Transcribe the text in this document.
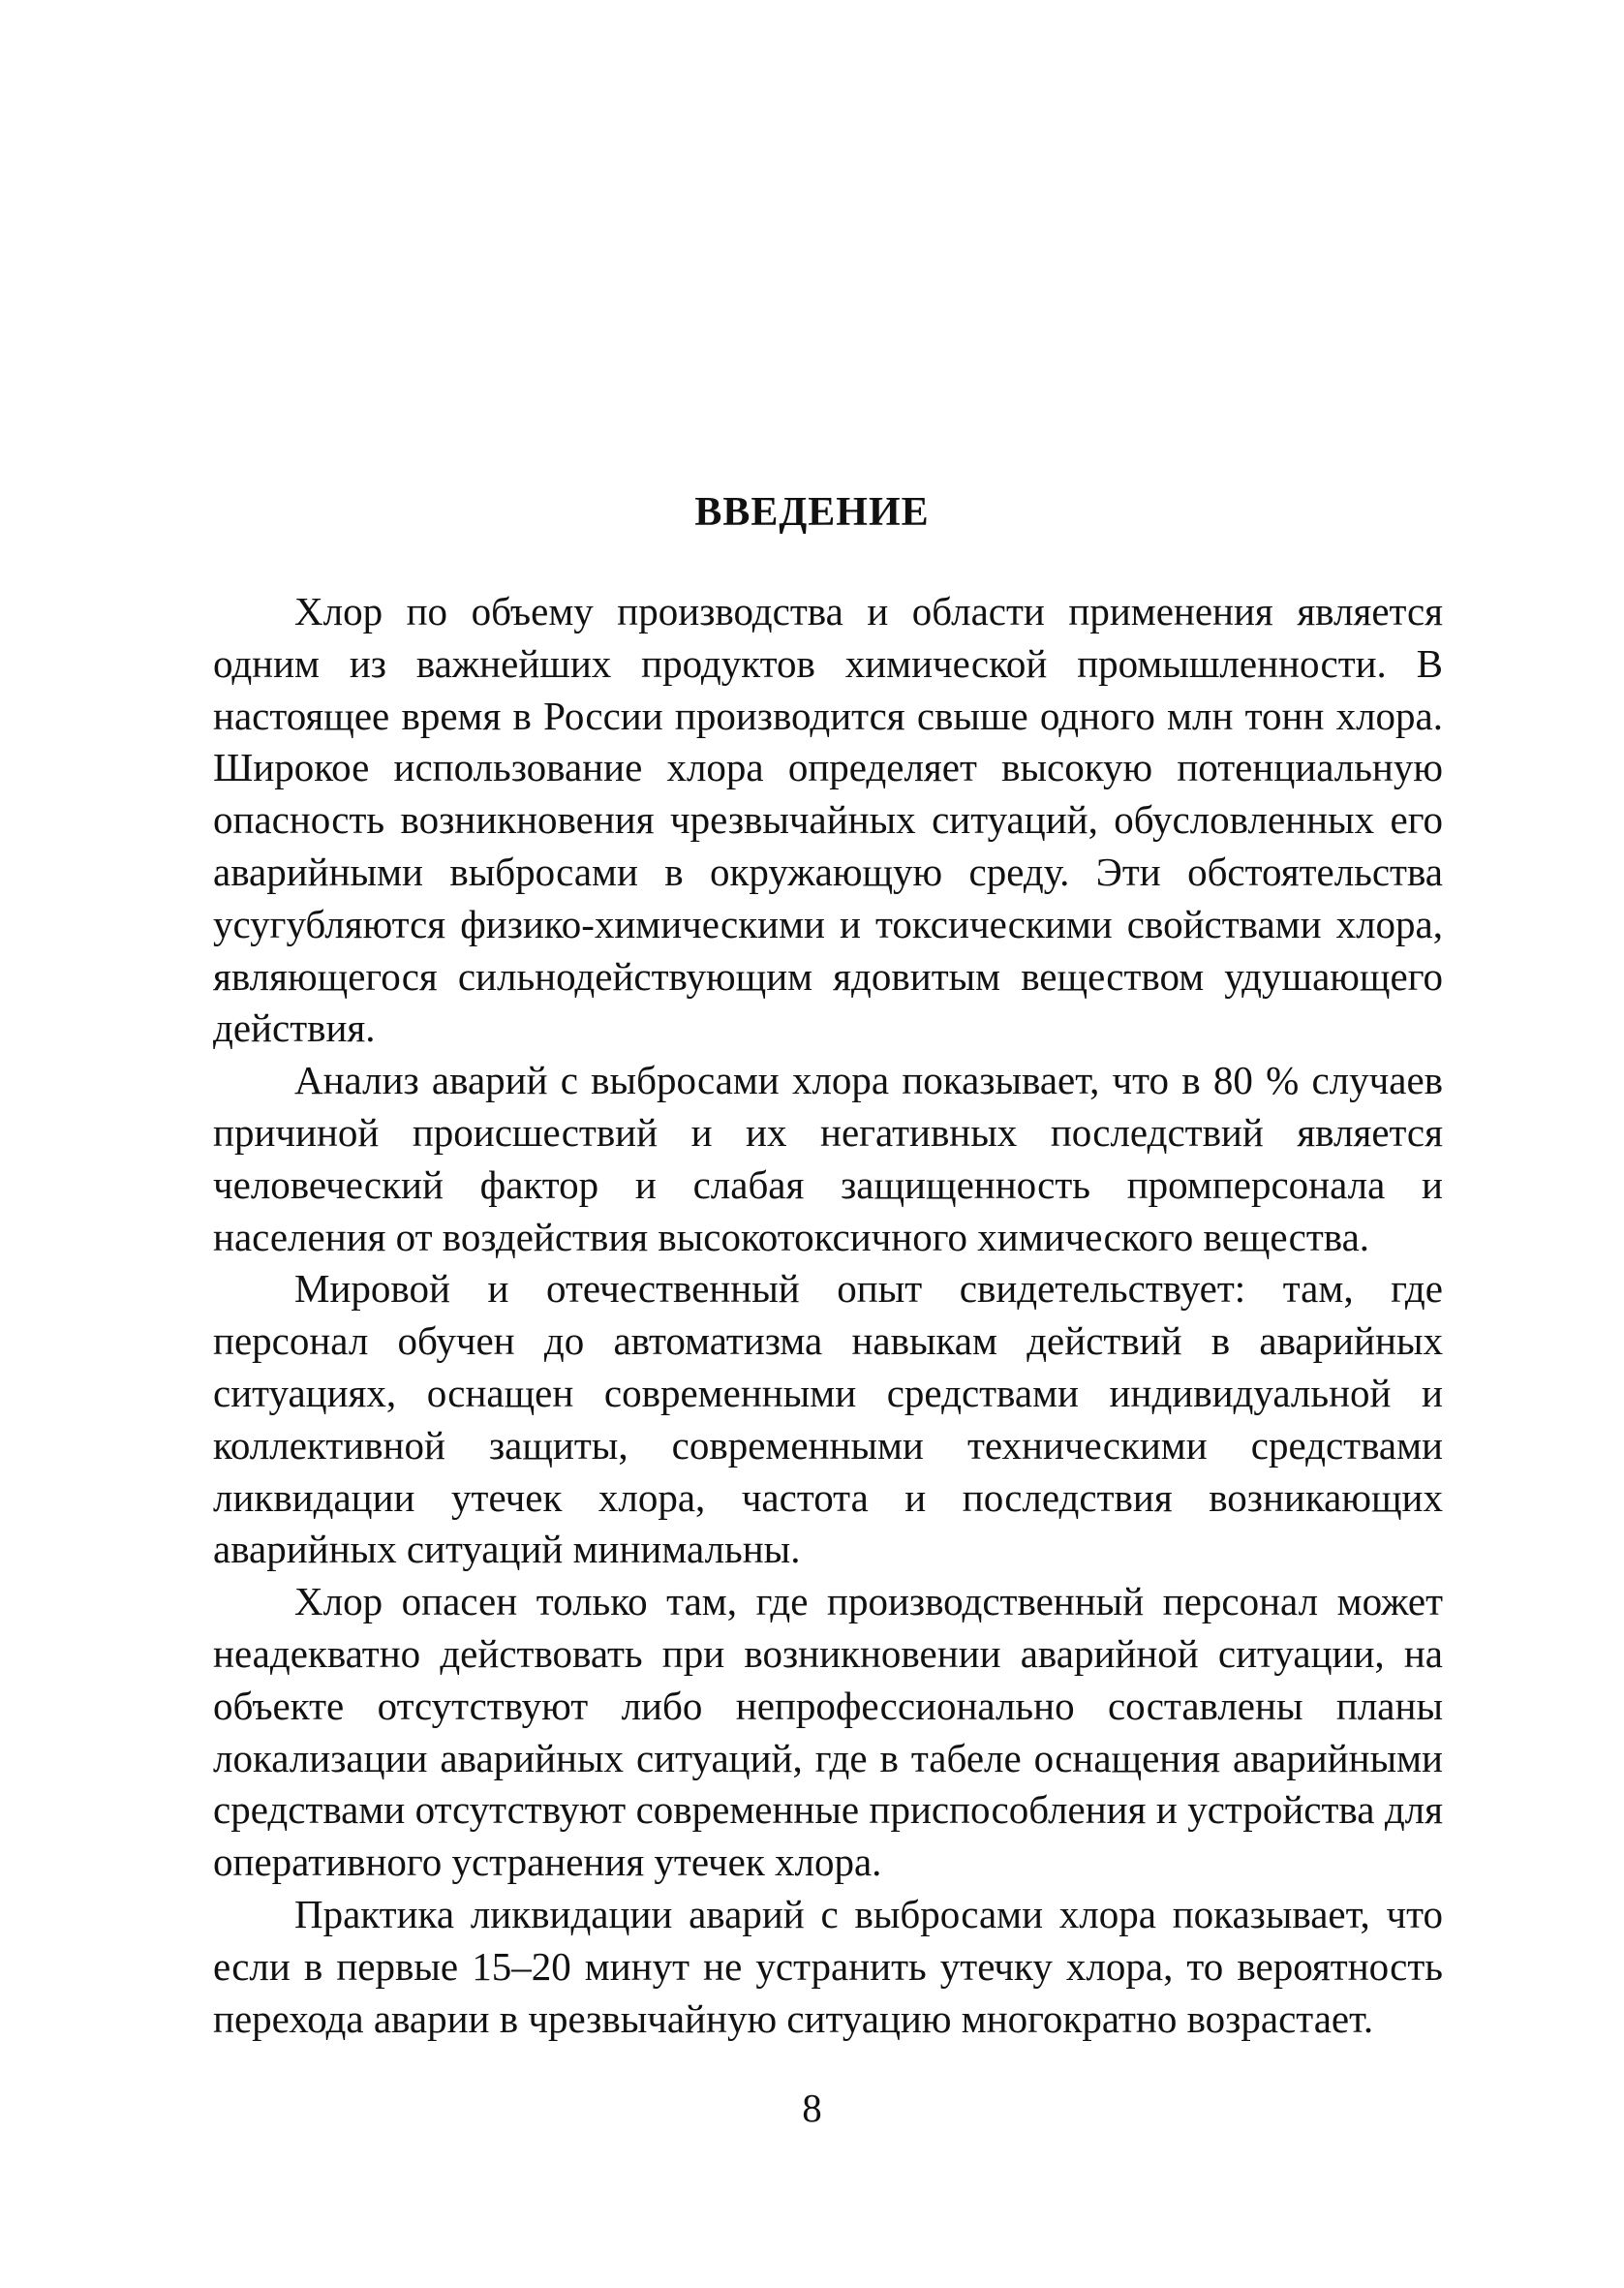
ВВЕДЕНИЕ

Хлор по объему производства и области применения является одним из важнейших продуктов химической промышленности. В настоящее время в России производится свыше одного млн тонн хлора. Широкое использование хлора определяет высокую потенциальную опасность возникновения чрезвычайных ситуаций, обусловленных его аварийными выбросами в окружающую среду. Эти обстоятельства усугубляются физико-химическими и токсическими свойствами хлора, являющегося сильнодействующим ядовитым веществом удушающего действия.

Анализ аварий с выбросами хлора показывает, что в 80 % случаев причиной происшествий и их негативных последствий является человеческий фактор и слабая защищенность промперсонала и населения от воздействия высокотоксичного химического вещества.

Мировой и отечественный опыт свидетельствует: там, где персонал обучен до автоматизма навыкам действий в аварийных ситуациях, оснащен современными средствами индивидуальной и коллективной защиты, современными техническими средствами ликвидации утечек хлора, частота и последствия возникающих аварийных ситуаций минимальны.

Хлор опасен только там, где производственный персонал может неадекватно действовать при возникновении аварийной ситуации, на объекте отсутствуют либо непрофессионально составлены планы локализации аварийных ситуаций, где в табеле оснащения аварийными средствами отсутствуют современные приспособления и устройства для оперативного устранения утечек хлора.

Практика ликвидации аварий с выбросами хлора показывает, что если в первые 15–20 минут не устранить утечку хлора, то вероятность перехода аварии в чрезвычайную ситуацию многократно возрастает.

8
